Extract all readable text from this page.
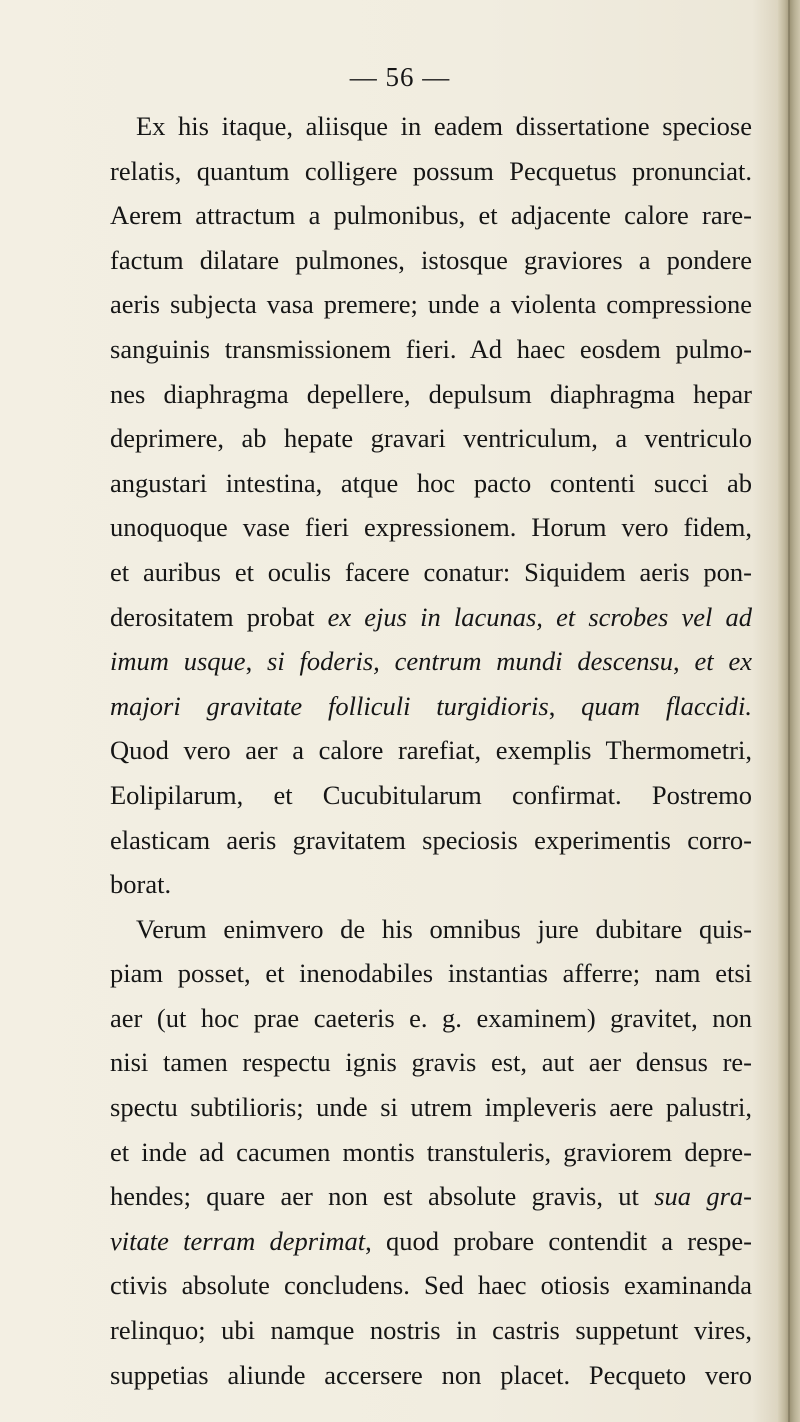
— 56 —
Ex his itaque, aliisque in eadem dissertatione speciose
relatis, quantum colligere possum Pecquetus pronunciat.
Aerem attractum a pulmonibus, et adjacente calore rare-
factum dilatare pulmones, istosque graviores a pondere
aeris subjecta vasa premere; unde a violenta compressione
sanguinis transmissionem fieri. Ad haec eosdem pulmo-
nes diaphragma depellere, depulsum diaphragma hepar
deprimere, ab hepate gravari ventriculum, a ventriculo
angustari intestina, atque hoc pacto contenti succi ab
unoquoque vase fieri expressionem. Horum vero fidem,
et auribus et oculis facere conatur: Siquidem aeris pon-
derositatem probat ex ejus in lacunas, et scrobes vel ad
imum usque, si foderis, centrum mundi descensu, et ex
majori gravitate folliculi turgidioris, quam flaccidi.
Quod vero aer a calore rarefiat, exemplis Thermometri,
Eolipilarum, et Cucubitularum confirmat. Postremo
elasticam aeris gravitatem speciosis experimentis corro-
borat.
Verum enimvero de his omnibus jure dubitare quis-
piam posset, et inenodabiles instantias afferre; nam etsi
aer (ut hoc prae caeteris e. g. examinem) gravitet, non
nisi tamen respectu ignis gravis est, aut aer densus re-
spectu subtilioris; unde si utrem impleveris aere palustri,
et inde ad cacumen montis transtuleris, graviorem depre-
hendes; quare aer non est absolute gravis, ut sua gra-
vitate terram deprimat, quod probare contendit a respe-
ctivis absolute concludens. Sed haec otiosis examinanda
relinquo; ubi namque nostris in castris suppetunt vires,
suppetias aliunde accersere non placet. Pecqueto vero
